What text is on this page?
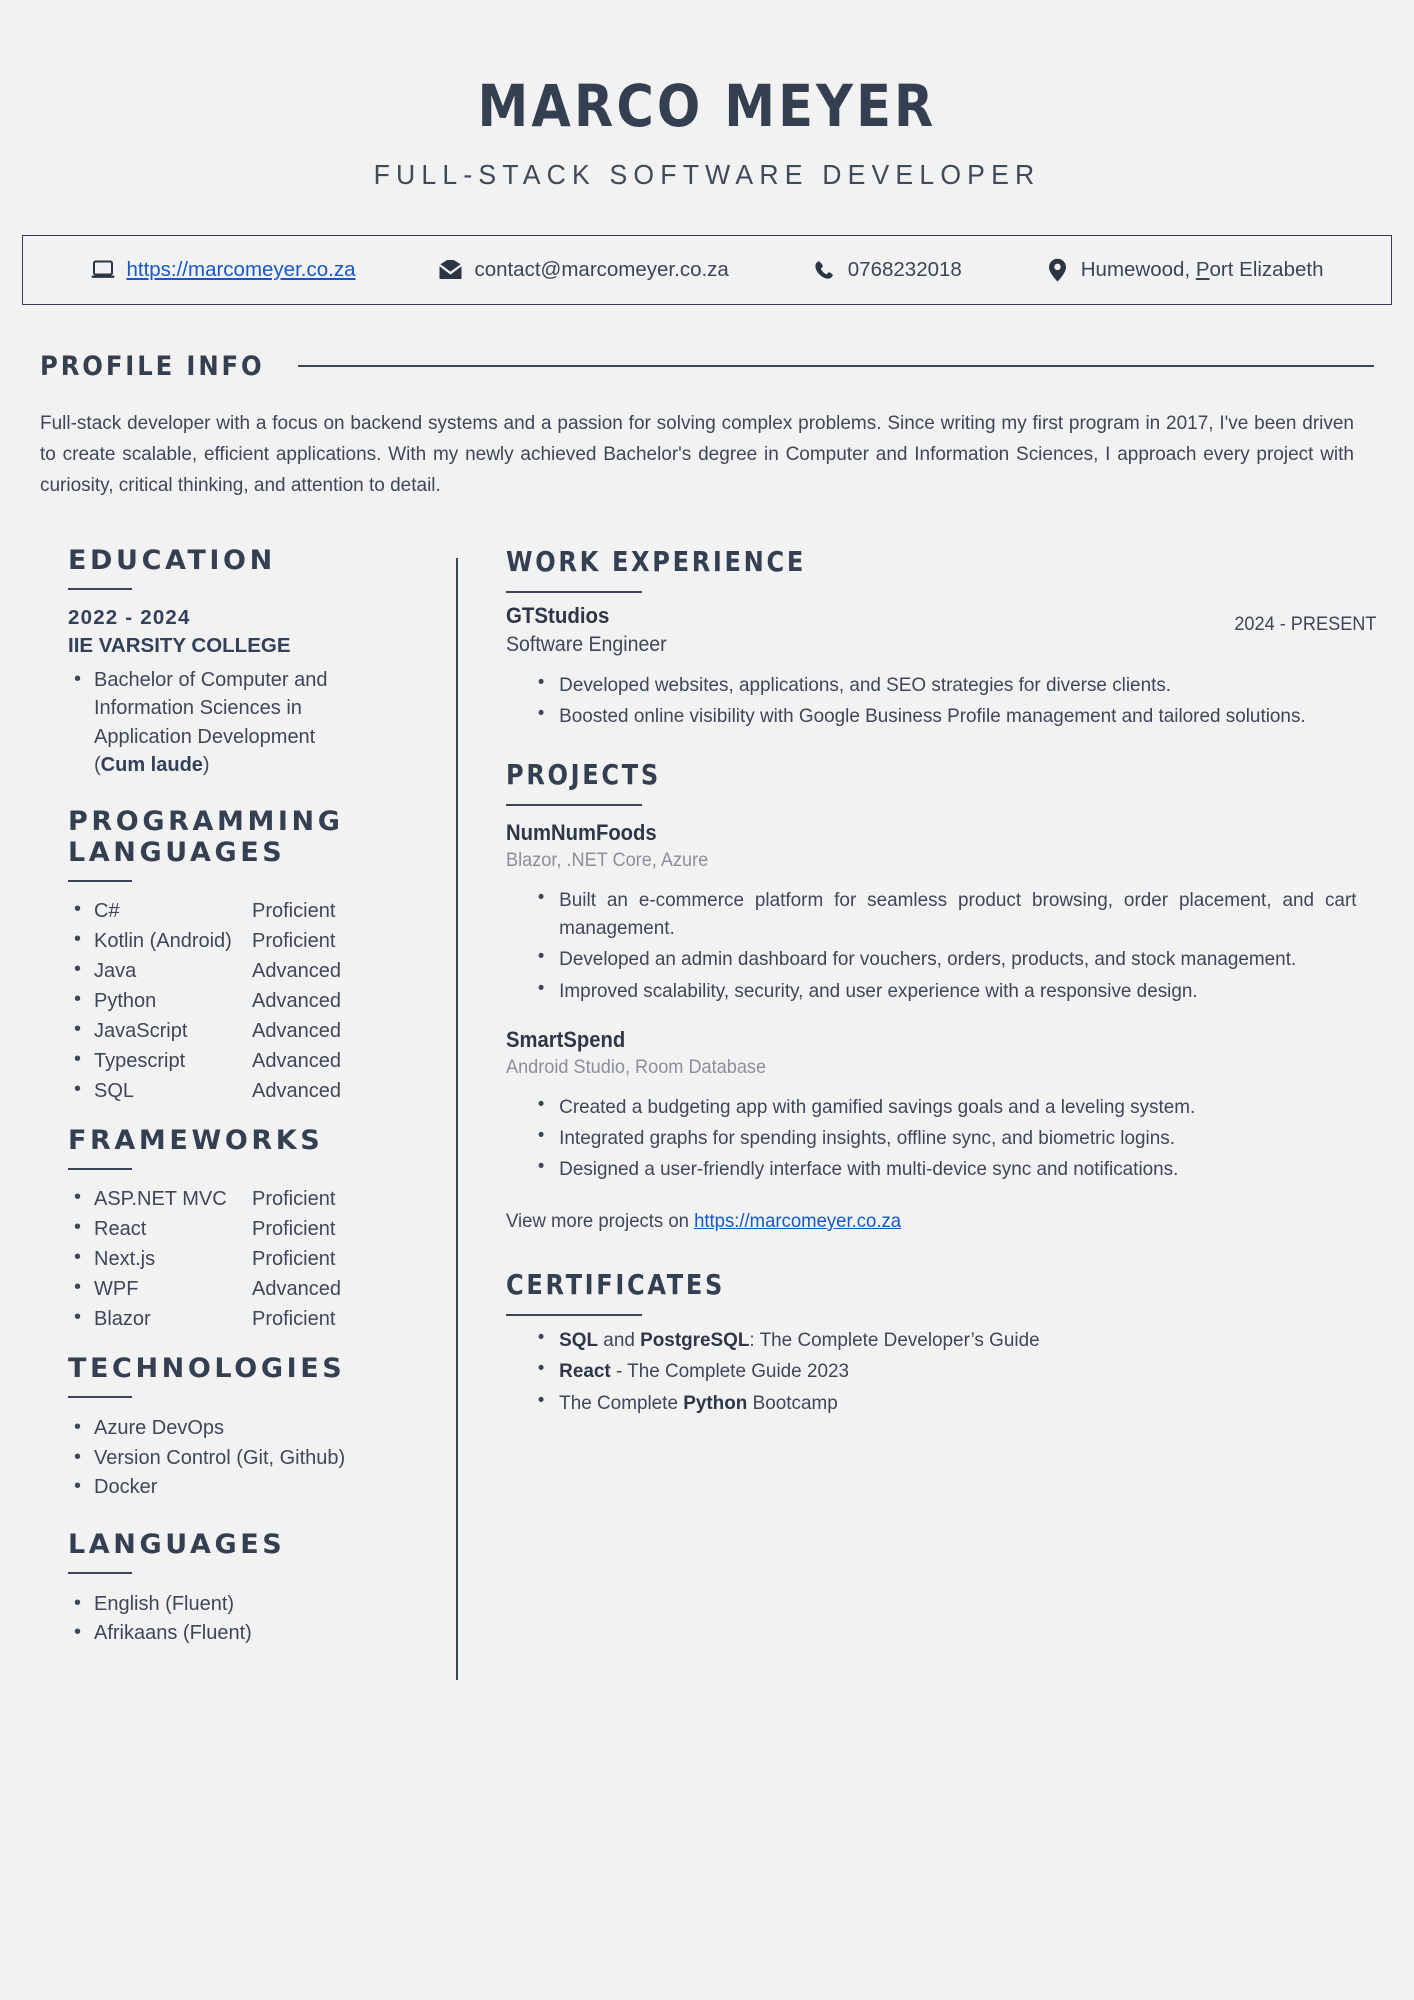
MARCO MEYER
FULL-STACK SOFTWARE DEVELOPER
https://marcomeyer.co.za	contact@marcomeyer.co.za	0768232018	Humewood, Port Elizabeth
PROFILE INFO
Full-stack developer with a focus on backend systems and a passion for solving complex problems. Since writing my first program in 2017, I've been driven to create scalable, efficient applications. With my newly achieved Bachelor's degree in Computer and Information Sciences, I approach every project with curiosity, critical thinking, and attention to detail.
EDUCATION
2022 - 2024
IIE VARSITY COLLEGE
• Bachelor of Computer and
Information Sciences in
Application Development
(Cum laude)
PROGRAMMING
LANGUAGES
• C#	Proficient
• Kotlin (Android)	Proficient
• Java	Advanced
• Python	Advanced
• JavaScript	Advanced
• Typescript	Advanced
• SQL	Advanced
FRAMEWORKS
• ASP.NET MVC	Proficient
• React	Proficient
• Next.js	Proficient
• WPF	Advanced
• Blazor	Proficient
TECHNOLOGIES
• Azure DevOps
• Version Control (Git, Github)
• Docker
LANGUAGES
• English (Fluent)
• Afrikaans (Fluent)
WORK EXPERIENCE
GTStudios
Software Engineer
2024 - PRESENT
• Developed websites, applications, and SEO strategies for diverse clients.
• Boosted online visibility with Google Business Profile management and tailored solutions.
PROJECTS
NumNumFoods
Blazor, .NET Core, Azure
• Built an e-commerce platform for seamless product browsing, order placement, and cart management.
• Developed an admin dashboard for vouchers, orders, products, and stock management.
• Improved scalability, security, and user experience with a responsive design.
SmartSpend
Android Studio, Room Database
• Created a budgeting app with gamified savings goals and a leveling system.
• Integrated graphs for spending insights, offline sync, and biometric logins.
• Designed a user-friendly interface with multi-device sync and notifications.
View more projects on https://marcomeyer.co.za
CERTIFICATES
• SQL and PostgreSQL: The Complete Developer’s Guide
• React - The Complete Guide 2023
• The Complete Python Bootcamp
